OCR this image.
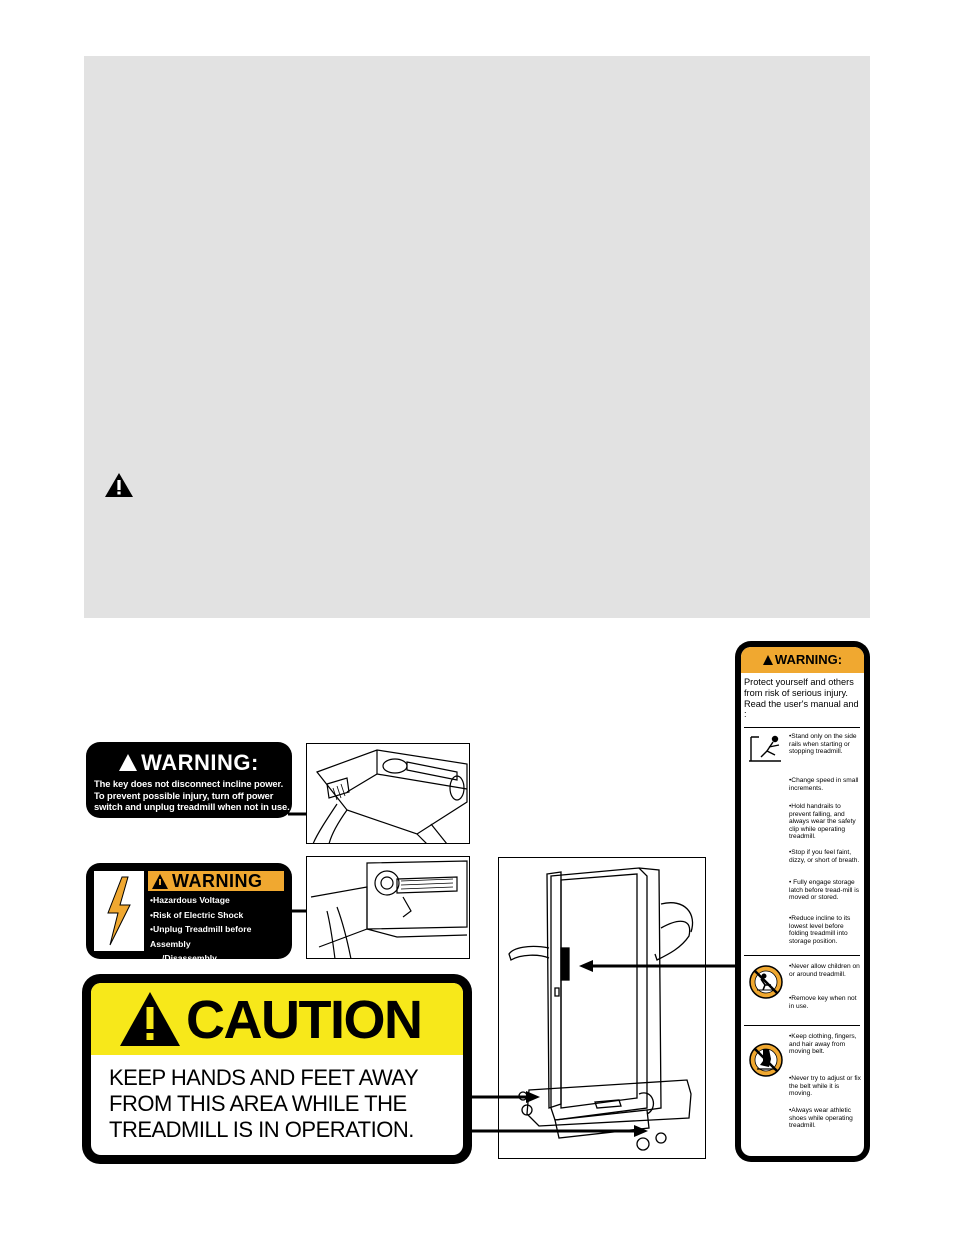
WARNING:
The key does not disconnect incline power.
To prevent possible injury, turn off power
switch and unplug treadmill when not in use.
WARNING
•Hazardous Voltage
•Risk of Electric Shock
•Unplug Treadmill before Assembly
/Disassembly.
CAUTION
KEEP HANDS AND FEET AWAY
FROM THIS AREA WHILE THE
TREADMILL IS IN OPERATION.
WARNING:
Protect yourself and others from risk of serious injury. Read the user's manual and :
•Stand only on the side rails when starting or stopping treadmill.
•Change speed in small increments.
•Hold handrails to prevent falling, and always wear the safety clip while operating treadmill.
•Stop if you feel faint, dizzy, or short of breath.
• Fully engage storage latch before tread-mill is moved or stored.
•Reduce incline to its lowest level before folding treadmill into storage position.
•Never allow children on or around treadmill.
•Remove key when not in use.
•Keep clothing, fingers, and hair away from moving belt.
•Never try to adjust or fix the belt while it is moving.
•Always wear athletic shoes while operating treadmill.
